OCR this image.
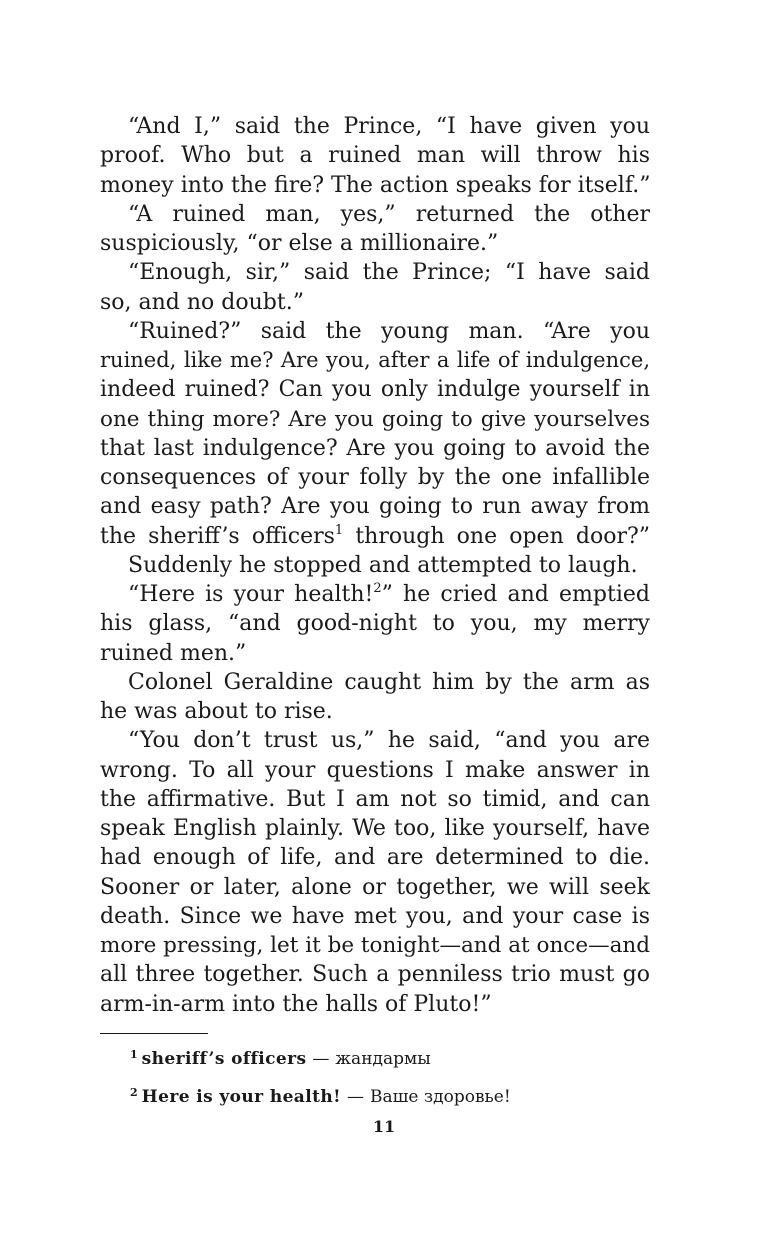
“And I,” said the Prince, “I have given you
proof. Who but a ruined man will throw his
money into the fire? The action speaks for itself.”
“A ruined man, yes,” returned the other
suspiciously, “or else a millionaire.”
“Enough, sir,” said the Prince; “I have said
so, and no doubt.”
“Ruined?” said the young man. “Are you
ruined, like me? Are you, after a life of indulgence,
indeed ruined? Can you only indulge yourself in
one thing more? Are you going to give yourselves
that last indulgence? Are you going to avoid the
consequences of your folly by the one infallible
and easy path? Are you going to run away from
the sheriff’s officers$^1$ through one open door?”
Suddenly he stopped and attempted to laugh.
“Here is your health!$^2$” he cried and emptied
his glass, “and good-night to you, my merry
ruined men.”
Colonel Geraldine caught him by the arm as
he was about to rise.
“You don’t trust us,” he said, “and you are
wrong. To all your questions I make answer in
the affirmative. But I am not so timid, and can
speak English plainly. We too, like yourself, have
had enough of life, and are determined to die.
Sooner or later, alone or together, we will seek
death. Since we have met you, and your case is
more pressing, let it be tonight—and at once—and
all three together. Such a penniless trio must go
arm-in-arm into the halls of Pluto!”
$^1$ sheriff’s officers — жандармы
$^2$ Here is your health! — Ваше здоровье!
11
